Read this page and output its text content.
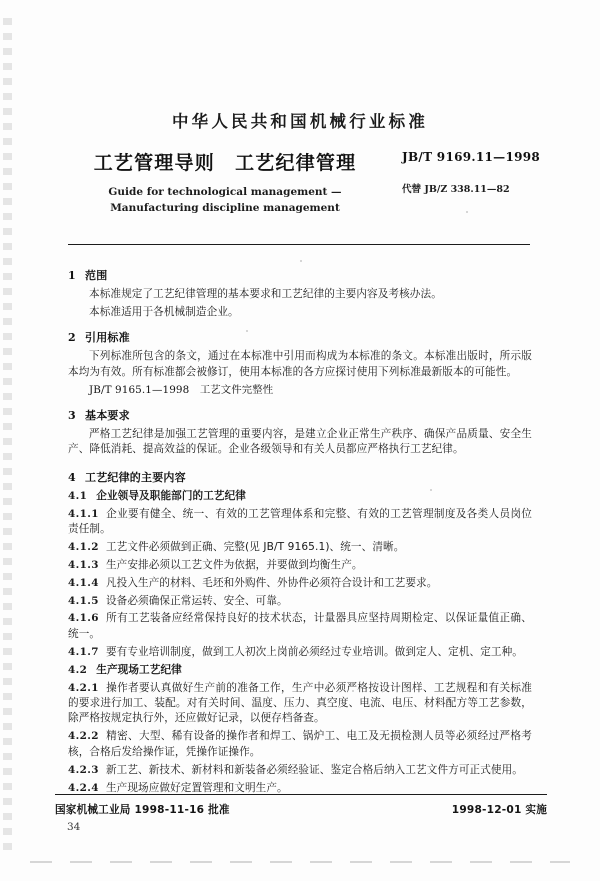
中华人民共和国机械行业标准
工艺管理导则　工艺纪律管理
Guide for technological management —
Manufacturing discipline management
JB/T 9169.11—1998
代替 JB/Z 338.11—82
1 范围
本标准规定了工艺纪律管理的基本要求和工艺纪律的主要内容及考核办法。
本标准适用于各机械制造企业。
2 引用标准
下列标准所包含的条文，通过在本标准中引用而构成为本标准的条文。本标准出版时，所示版本均为有效。所有标准都会被修订，使用本标准的各方应探讨使用下列标准最新版本的可能性。
JB/T 9165.1—1998　工艺文件完整性
3 基本要求
严格工艺纪律是加强工艺管理的重要内容，是建立企业正常生产秩序、确保产品质量、安全生产、降低消耗、提高效益的保证。企业各级领导和有关人员都应严格执行工艺纪律。
4 工艺纪律的主要内容
4.1 企业领导及职能部门的工艺纪律
4.1.1 企业要有健全、统一、有效的工艺管理体系和完整、有效的工艺管理制度及各类人员岗位责任制。
4.1.2 工艺文件必须做到正确、完整(见 JB/T 9165.1)、统一、清晰。
4.1.3 生产安排必须以工艺文件为依据，并要做到均衡生产。
4.1.4 凡投入生产的材料、毛坯和外购件、外协件必须符合设计和工艺要求。
4.1.5 设备必须确保正常运转、安全、可靠。
4.1.6 所有工艺装备应经常保持良好的技术状态，计量器具应坚持周期检定、以保证量值正确、统一。
4.1.7 要有专业培训制度，做到工人初次上岗前必须经过专业培训。做到定人、定机、定工种。
4.2 生产现场工艺纪律
4.2.1 操作者要认真做好生产前的准备工作，生产中必须严格按设计图样、工艺规程和有关标准的要求进行加工、装配。对有关时间、温度、压力、真空度、电流、电压、材料配方等工艺参数，除严格按规定执行外，还应做好记录，以便存档备查。
4.2.2 精密、大型、稀有设备的操作者和焊工、锅炉工、电工及无损检测人员等必须经过严格考核，合格后发给操作证，凭操作证操作。
4.2.3 新工艺、新技术、新材料和新装备必须经验证、鉴定合格后纳入工艺文件方可正式使用。
4.2.4 生产现场应做好定置管理和文明生产。
国家机械工业局 1998-11-16 批准	1998-12-01 实施
34
